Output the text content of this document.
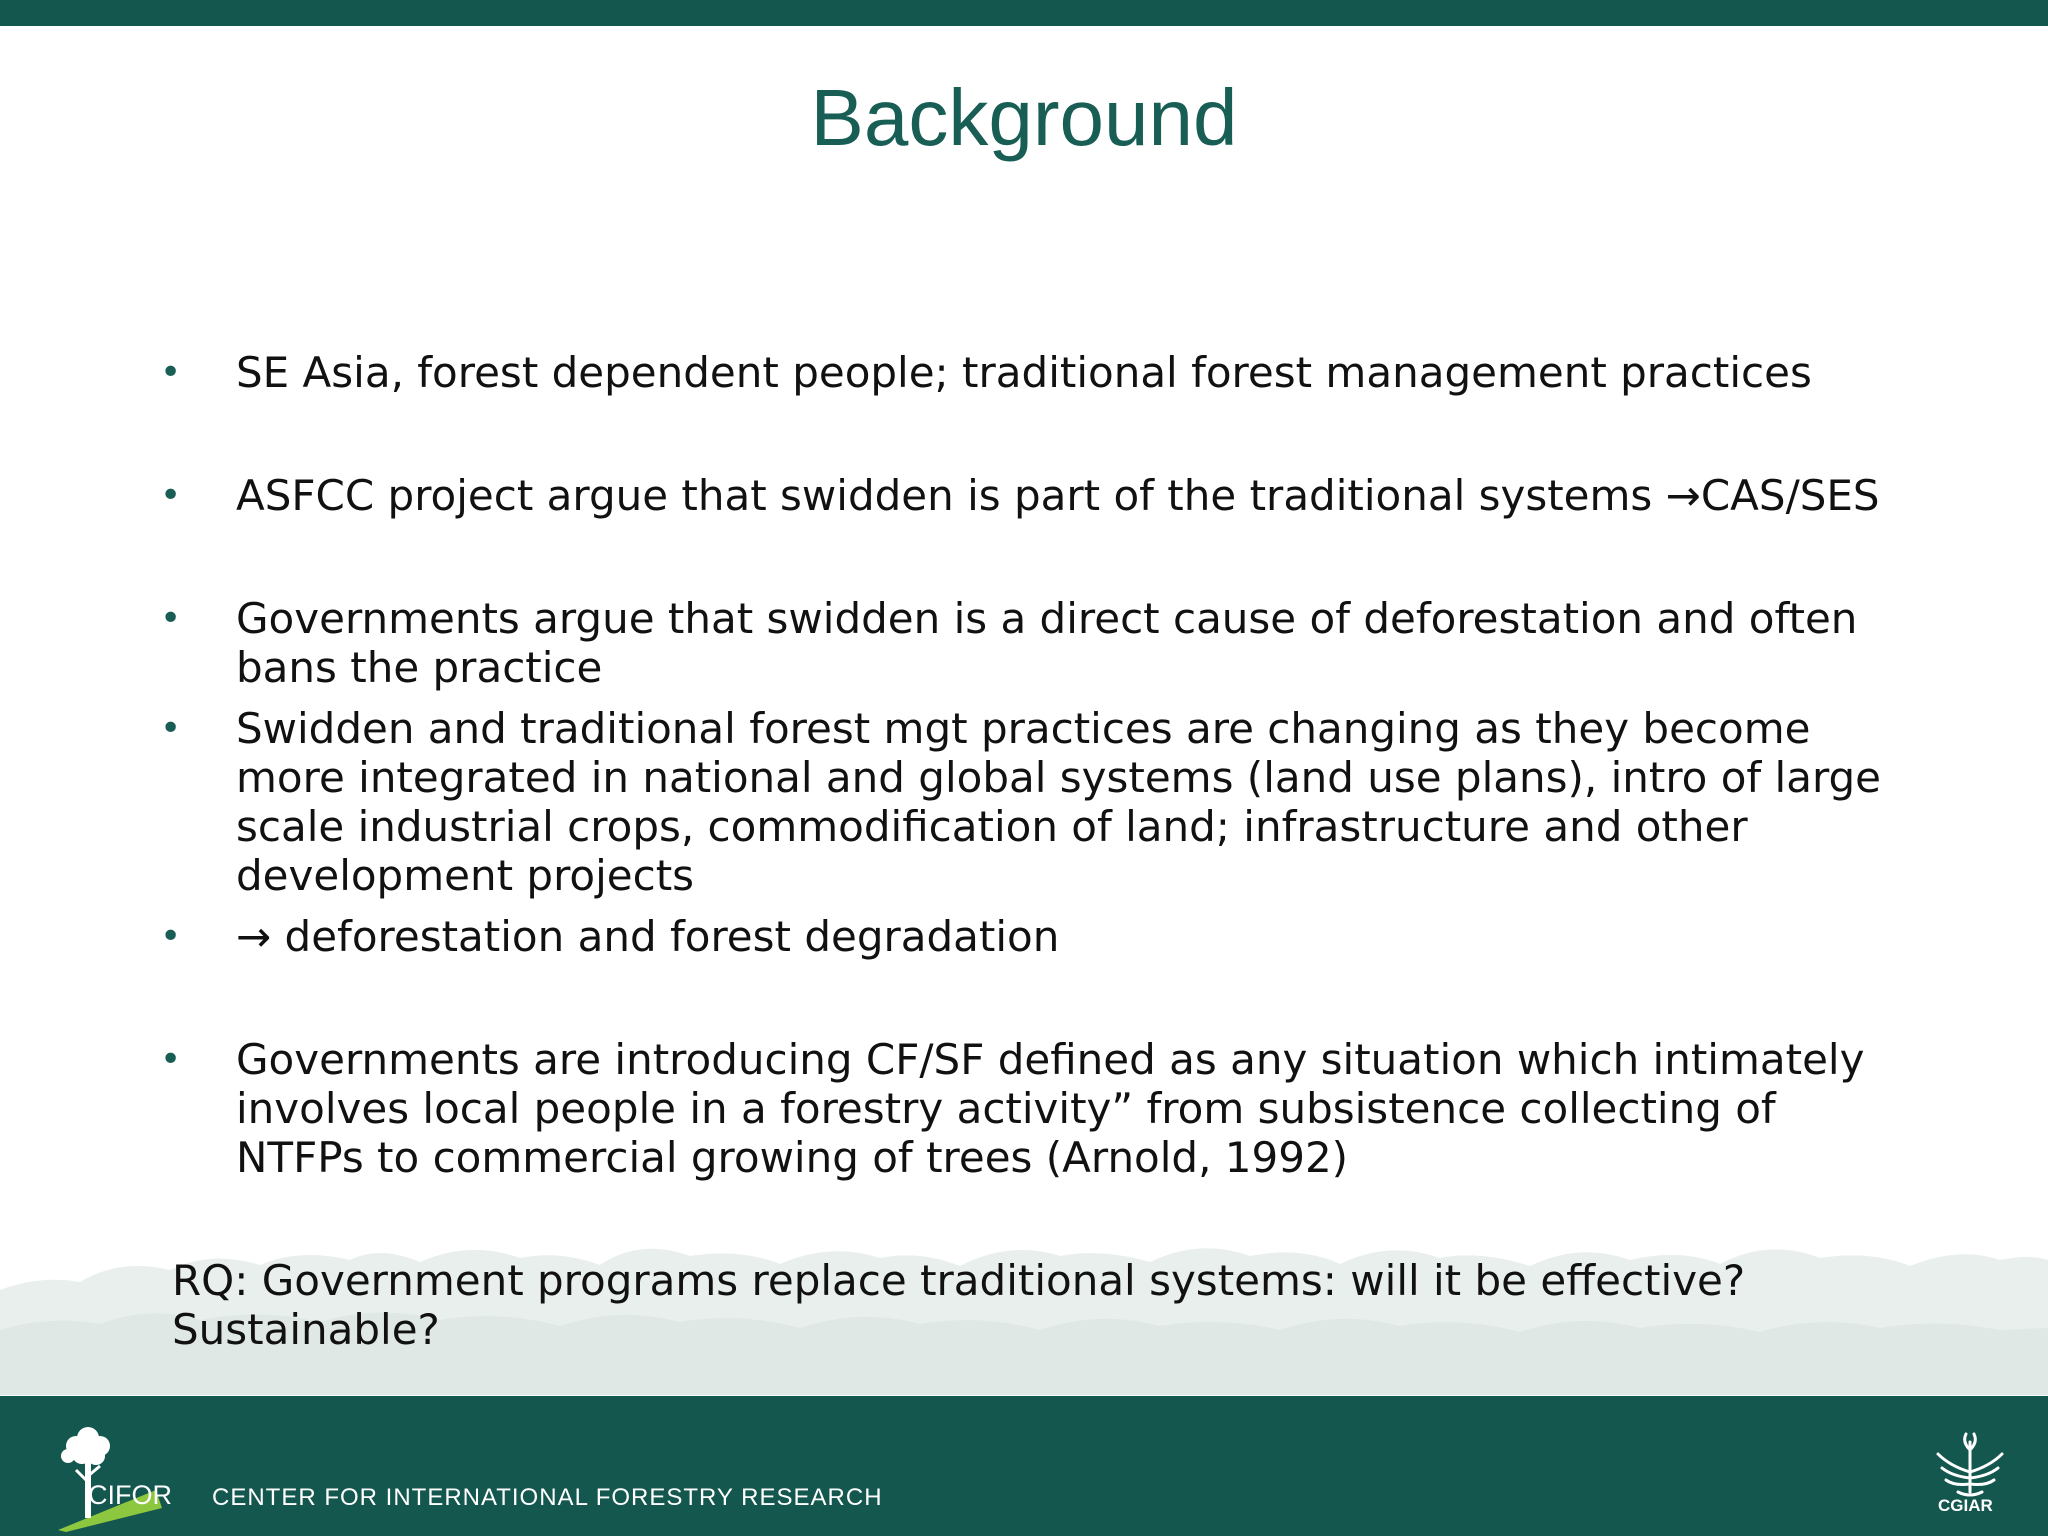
Background
• SE Asia, forest dependent people; traditional forest management practices
• ASFCC project argue that swidden is part of the traditional systems →CAS/SES
• Governments argue that swidden is a direct cause of deforestation and often bans the practice
• Swidden and traditional forest mgt practices are changing as they become more integrated in national and global systems (land use plans), intro of large scale industrial crops, commodification of land; infrastructure and other development projects
• → deforestation and forest degradation
• Governments are introducing CF/SF defined as any situation which intimately involves local people in a forestry activity” from subsistence collecting of NTFPs to commercial growing of trees (Arnold, 1992)
RQ: Government programs replace traditional systems: will it be effective? Sustainable?
CIFOR CENTER FOR INTERNATIONAL FORESTRY RESEARCH	CGIAR
